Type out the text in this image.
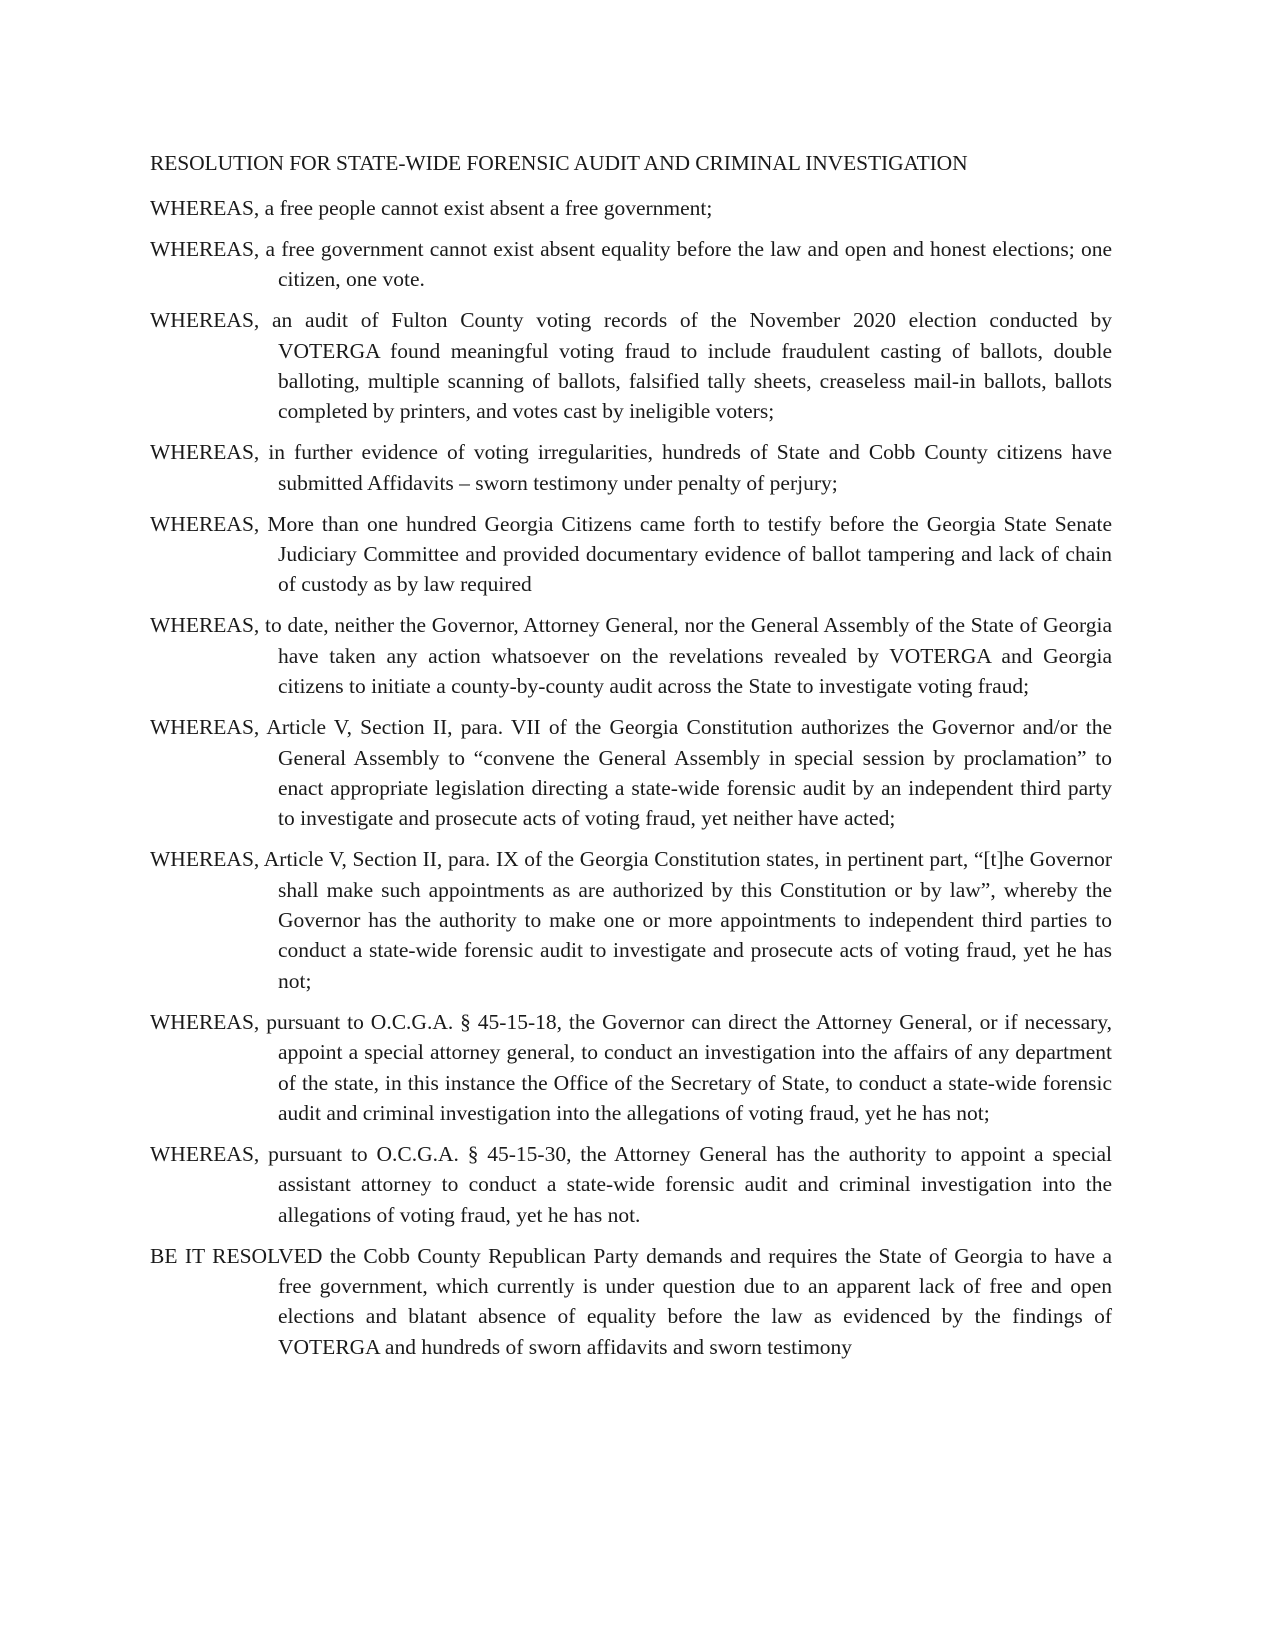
RESOLUTION FOR STATE-WIDE FORENSIC AUDIT AND CRIMINAL INVESTIGATION

WHEREAS, a free people cannot exist absent a free government;

WHEREAS, a free government cannot exist absent equality before the law and open and honest elections; one citizen, one vote.

WHEREAS, an audit of Fulton County voting records of the November 2020 election conducted by VOTERGA found meaningful voting fraud to include fraudulent casting of ballots, double balloting, multiple scanning of ballots, falsified tally sheets, creaseless mail-in ballots, ballots completed by printers, and votes cast by ineligible voters;

WHEREAS, in further evidence of voting irregularities, hundreds of State and Cobb County citizens have submitted Affidavits – sworn testimony under penalty of perjury;

WHEREAS, More than one hundred Georgia Citizens came forth to testify before the Georgia State Senate Judiciary Committee and provided documentary evidence of ballot tampering and lack of chain of custody as by law required

WHEREAS, to date, neither the Governor, Attorney General, nor the General Assembly of the State of Georgia have taken any action whatsoever on the revelations revealed by VOTERGA and Georgia citizens to initiate a county-by-county audit across the State to investigate voting fraud;

WHEREAS, Article V, Section II, para. VII of the Georgia Constitution authorizes the Governor and/or the General Assembly to “convene the General Assembly in special session by proclamation” to enact appropriate legislation directing a state-wide forensic audit by an independent third party to investigate and prosecute acts of voting fraud, yet neither have acted;

WHEREAS, Article V, Section II, para. IX of the Georgia Constitution states, in pertinent part, “[t]he Governor shall make such appointments as are authorized by this Constitution or by law”, whereby the Governor has the authority to make one or more appointments to independent third parties to conduct a state-wide forensic audit to investigate and prosecute acts of voting fraud, yet he has not;

WHEREAS, pursuant to O.C.G.A. § 45-15-18, the Governor can direct the Attorney General, or if necessary, appoint a special attorney general, to conduct an investigation into the affairs of any department of the state, in this instance the Office of the Secretary of State, to conduct a state-wide forensic audit and criminal investigation into the allegations of voting fraud, yet he has not;

WHEREAS, pursuant to O.C.G.A. § 45-15-30, the Attorney General has the authority to appoint a special assistant attorney to conduct a state-wide forensic audit and criminal investigation into the allegations of voting fraud, yet he has not.

BE IT RESOLVED the Cobb County Republican Party demands and requires the State of Georgia to have a free government, which currently is under question due to an apparent lack of free and open elections and blatant absence of equality before the law as evidenced by the findings of VOTERGA and hundreds of sworn affidavits and sworn testimony
